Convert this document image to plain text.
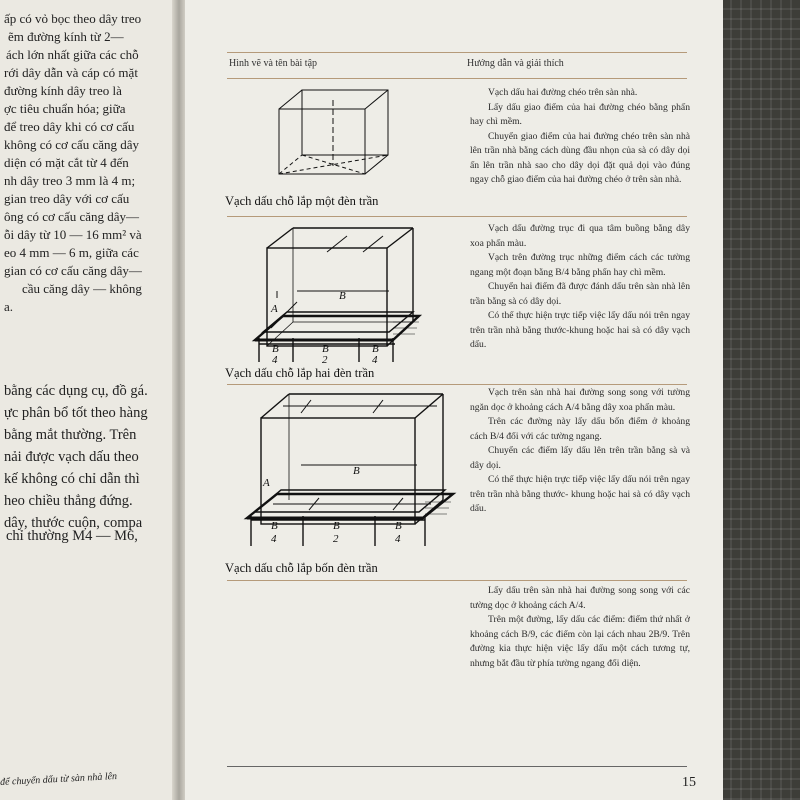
ấp có vỏ bọc theo dây treo
ẽm đường kính từ 2—
ách lớn nhất giữa các chỗ
rới dây dẫn và cáp có mặt
đường kính dây treo là
ợc tiêu chuẩn hóa; giữa
để treo dây khi có cơ cấu
không có cơ cấu căng dây
diện có mặt cắt từ 4 đến
nh dây treo 3 mm là 4 m;
gian treo dây với cơ cấu
ông có cơ cấu căng dây—
ỗi dây từ 10 — 16 mm² và
eo 4 mm — 6 m, giữa các
gian có cơ cấu căng dây—
cầu căng dây — không
a.
bằng các dụng cụ, đồ gá.
ực phân bổ tốt theo hàng
bằng mắt thường. Trên
nải được vạch dấu theo
kế không có chỉ dẫn thì
heo chiều thẳng đứng.
dây, thước cuộn, compa
chỉ thường M4 — M6,
để chuyển dấu từ sàn nhà lên
Hình vẽ và tên bài tập	Hướng dẫn và giải thích
Vạch dấu chỗ lắp một đèn trần

Vạch dấu hai đường chéo trên sàn nhà.

Lấy dấu giao điểm của hai đường chéo bằng phấn hay chì mềm.

Chuyển giao điểm của hai đường chéo trên sàn nhà lên trần nhà bằng cách dùng đầu nhọn của sà có dây dọi ấn lên trần nhà sao cho dây dọi đặt quả dọi vào đúng ngay chỗ giao điểm của hai đường chéo ở trên sàn nhà.

A
B
B
4
B
2
B
4
Vạch dấu chỗ lắp hai đèn trần

Vạch dấu đường trục đi qua tâm buồng bằng dây xoa phấn màu.

Vạch trên đường trục những điểm cách các tường ngang một đoạn bằng B/4 bằng phấn hay chì mềm.

Chuyển hai điểm đã được đánh dấu trên sàn nhà lên trần bằng sà có dây dọi.

Có thể thực hiện trực tiếp việc lấy dấu nói trên ngay trên trần nhà bằng thước-khung hoặc hai sà có dây vạch dấu.

A
B
B
4
B
2
B
4
Vạch dấu chỗ lắp bốn đèn trần

Vạch trên sàn nhà hai đường song song với tường ngăn dọc ở khoảng cách A/4 bằng dây xoa phấn màu.

Trên các đường này lấy dấu bốn điểm ở khoảng cách B/4 đối với các tường ngang.

Chuyển các điểm lấy dấu lên trên trần bằng sà và dây dọi.

Có thể thực hiện trực tiếp việc lấy dấu nói trên ngay trên trần nhà bằng thước- khung hoặc hai sà có dây vạch dấu.

Lấy dấu trên sàn nhà hai đường song song với các tường dọc ở khoảng cách A/4.

Trên một đường, lấy dấu các điểm: điểm thứ nhất ở khoảng cách B/9, các điểm còn lại cách nhau 2B/9. Trên đường kia thực hiện việc lấy dấu một cách tương tự, nhưng bắt đầu từ phía tường ngang đối diện.

15
